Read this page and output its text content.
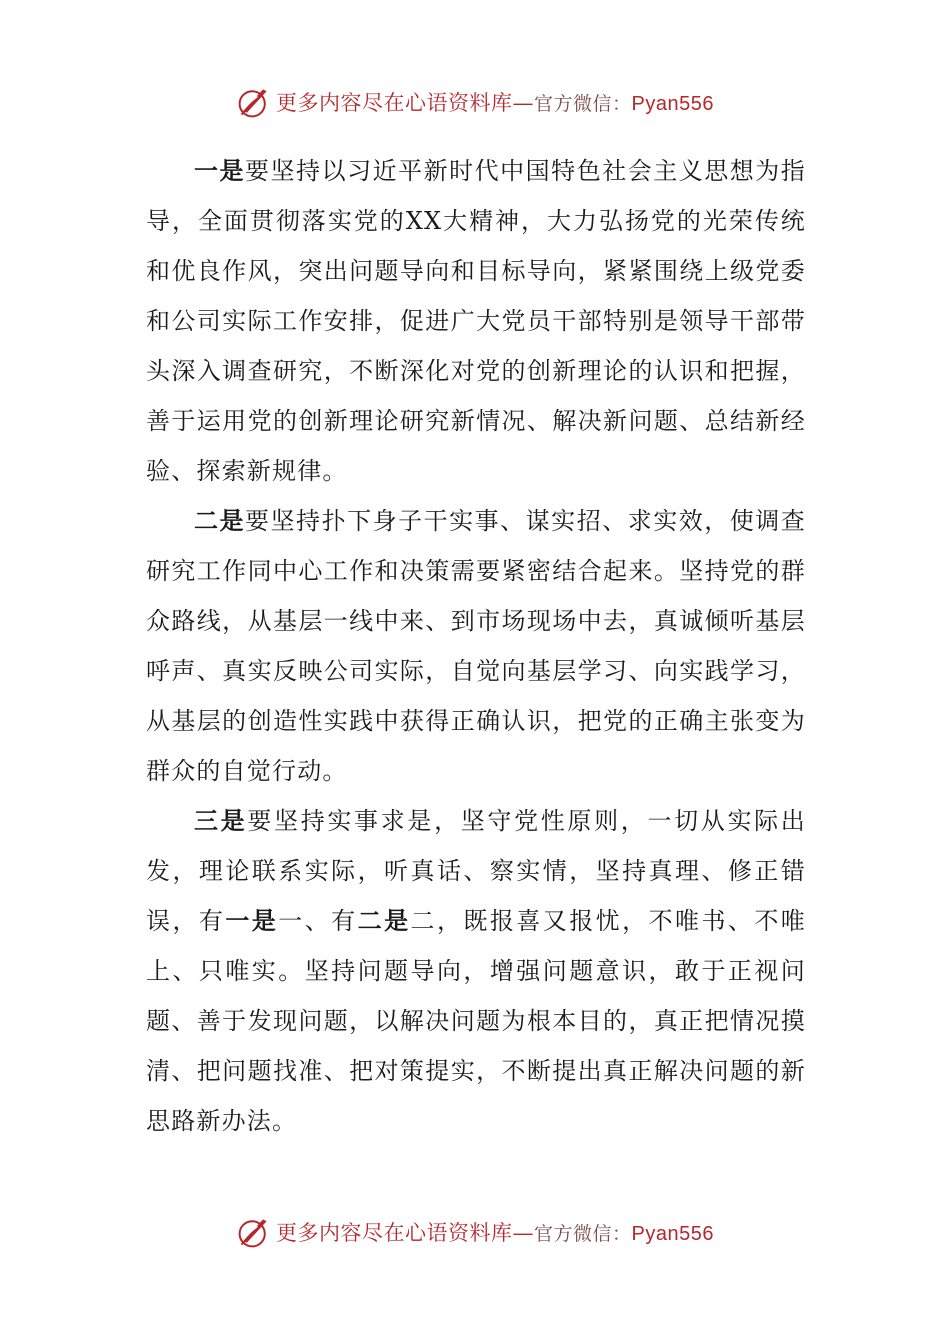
更多内容尽在心语资料库—官方微信：Pyan556

一是要坚持以习近平新时代中国特色社会主义思想为指导，全面贯彻落实党的XX大精神，大力弘扬党的光荣传统和优良作风，突出问题导向和目标导向，紧紧围绕上级党委和公司实际工作安排，促进广大党员干部特别是领导干部带头深入调查研究，不断深化对党的创新理论的认识和把握，善于运用党的创新理论研究新情况、解决新问题、总结新经验、探索新规律。

二是要坚持扑下身子干实事、谋实招、求实效，使调查研究工作同中心工作和决策需要紧密结合起来。坚持党的群众路线，从基层一线中来、到市场现场中去，真诚倾听基层呼声、真实反映公司实际，自觉向基层学习、向实践学习，从基层的创造性实践中获得正确认识，把党的正确主张变为群众的自觉行动。

三是要坚持实事求是，坚守党性原则，一切从实际出发，理论联系实际，听真话、察实情，坚持真理、修正错误，有一是一、有二是二，既报喜又报忧，不唯书、不唯上、只唯实。坚持问题导向，增强问题意识，敢于正视问题、善于发现问题，以解决问题为根本目的，真正把情况摸清、把问题找准、把对策提实，不断提出真正解决问题的新思路新办法。

更多内容尽在心语资料库—官方微信：Pyan556
